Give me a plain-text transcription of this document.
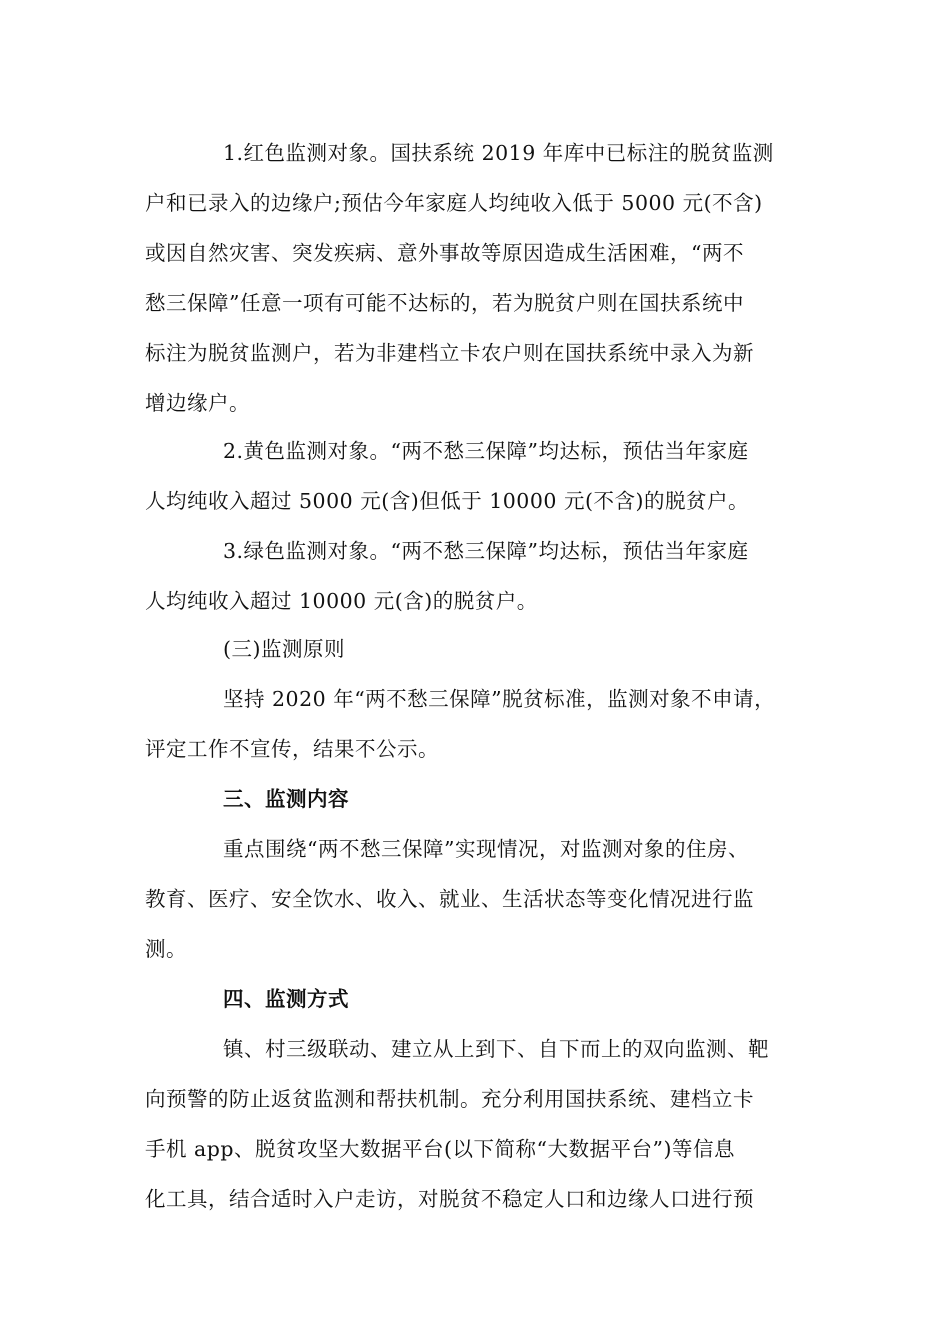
1.红色监测对象。国扶系统 2019 年库中已标注的脱贫监测
户和已录入的边缘户;预估今年家庭人均纯收入低于 5000 元(不含)
或因自然灾害、突发疾病、意外事故等原因造成生活困难，“两不
愁三保障”任意一项有可能不达标的，若为脱贫户则在国扶系统中
标注为脱贫监测户，若为非建档立卡农户则在国扶系统中录入为新
增边缘户。
2.黄色监测对象。“两不愁三保障”均达标，预估当年家庭
人均纯收入超过 5000 元(含)但低于 10000 元(不含)的脱贫户。
3.绿色监测对象。“两不愁三保障”均达标，预估当年家庭
人均纯收入超过 10000 元(含)的脱贫户。
(三)监测原则
坚持 2020 年“两不愁三保障”脱贫标准，监测对象不申请，
评定工作不宣传，结果不公示。
三、监测内容
重点围绕“两不愁三保障”实现情况，对监测对象的住房、
教育、医疗、安全饮水、收入、就业、生活状态等变化情况进行监
测。
四、监测方式
镇、村三级联动、建立从上到下、自下而上的双向监测、靶
向预警的防止返贫监测和帮扶机制。充分利用国扶系统、建档立卡
手机 app、脱贫攻坚大数据平台(以下简称“大数据平台”)等信息
化工具，结合适时入户走访，对脱贫不稳定人口和边缘人口进行预
